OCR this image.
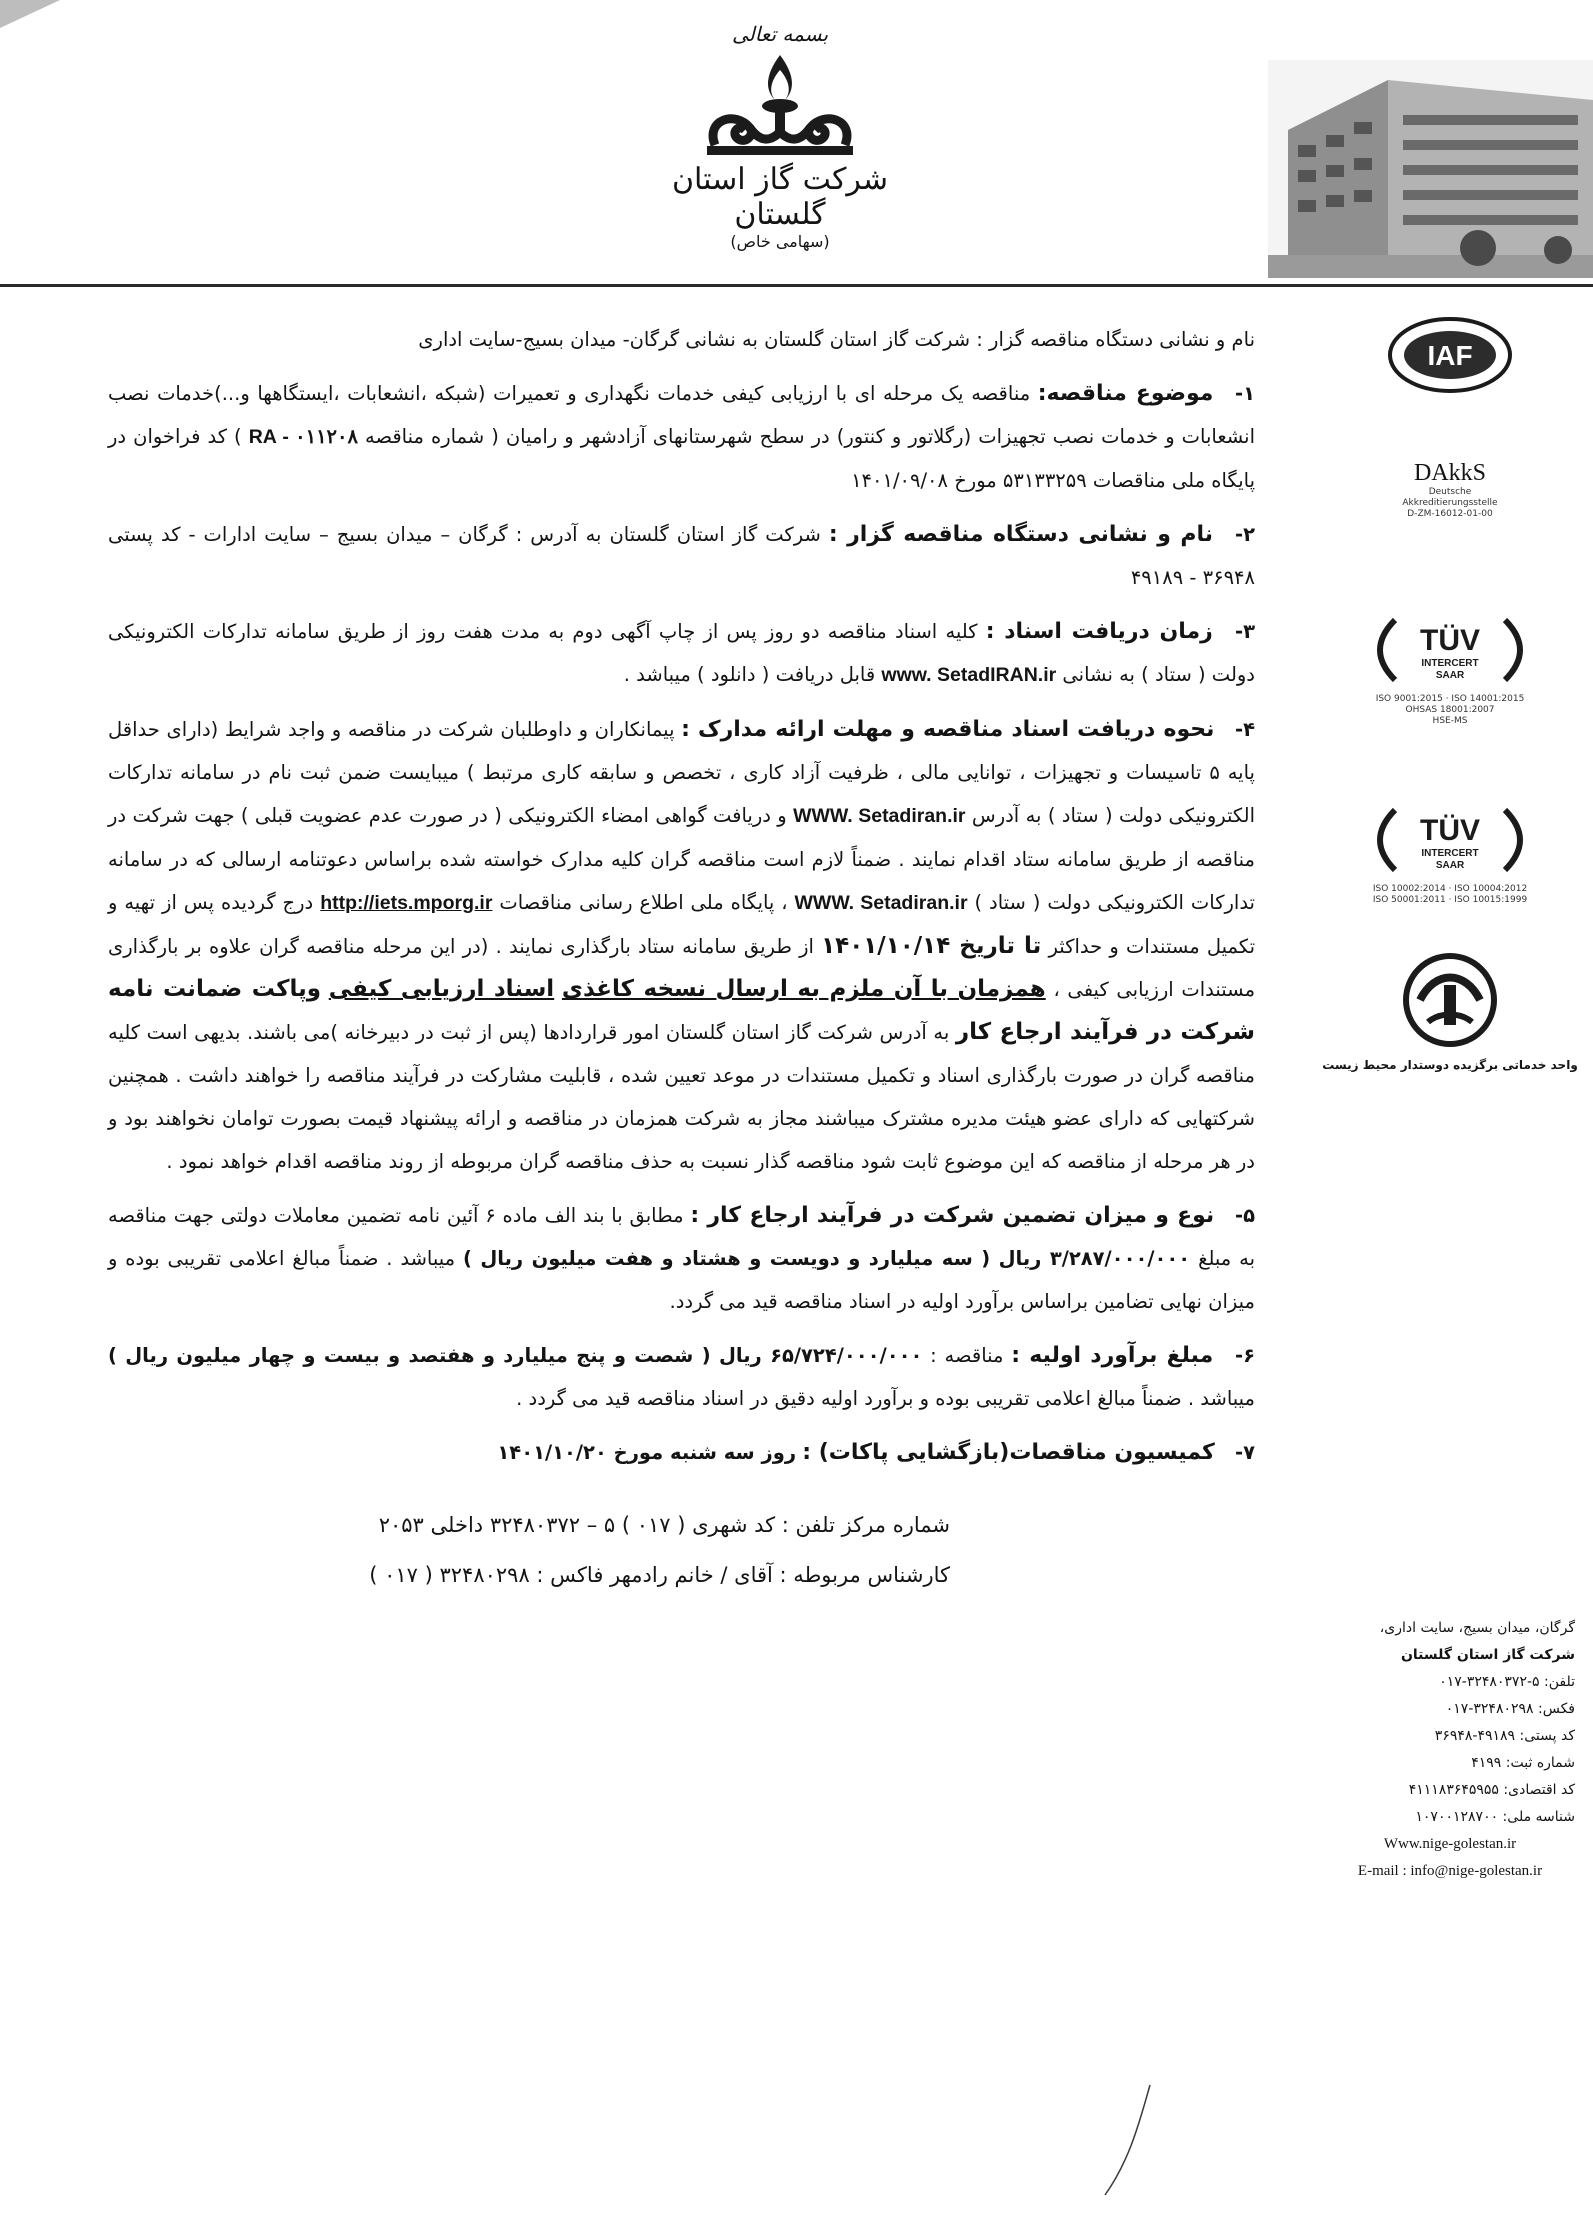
بسمه تعالی
شرکت گاز استان گلستان
(سهامی خاص)
IAF
DAkkS
Deutsche
Akkreditierungsstelle
D-ZM-16012-01-00
TÜV
INTERCERT
SAAR
ISO 9001:2015 · ISO 14001:2015
OHSAS 18001:2007
HSE-MS
TÜV
INTERCERT
SAAR
ISO 10002:2014 · ISO 10004:2012
ISO 50001:2011 · ISO 10015:1999
واحد خدماتی برگزیده دوستدار محیط زیست
گرگان، میدان بسیج، سایت اداری،
شرکت گاز استان گلستان
تلفن: ۵-۳۲۴۸۰۳۷۲-۰۱۷
فکس: ۳۲۴۸۰۲۹۸-۰۱۷
کد پستی: ۴۹۱۸۹-۳۶۹۴۸
شماره ثبت: ۴۱۹۹
کد اقتصادی: ۴۱۱۱۸۳۶۴۵۹۵۵
شناسه ملی: ۱۰۷۰۰۱۲۸۷۰۰
Www.nige-golestan.ir
E-mail : info@nige-golestan.ir

نام و نشانی دستگاه مناقصه گزار : شرکت گاز استان گلستان به نشانی گرگان- میدان بسیج-سایت اداری

۱- موضوع مناقصه: مناقصه یک مرحله ای با ارزیابی کیفی خدمات نگهداری و تعمیرات (شبکه ،انشعابات ،ایستگاهها و...)خدمات نصب انشعابات و خدمات نصب تجهیزات (رگلاتور و کنتور) در سطح شهرستانهای آزادشهر و رامیان ( شماره مناقصه RA - ۰۱۱۲۰۸ ) کد فراخوان در پایگاه ملی مناقصات ۵۳۱۳۳۲۵۹ مورخ ۱۴۰۱/۰۹/۰۸

۲- نام و نشانی دستگاه مناقصه گزار : شرکت گاز استان گلستان به آدرس : گرگان – میدان بسیج – سایت ادارات - کد پستی ۳۶۹۴۸ - ۴۹۱۸۹

۳- زمان دریافت اسناد : کلیه اسناد مناقصه دو روز پس از چاپ آگهی دوم به مدت هفت روز از طریق سامانه تدارکات الکترونیکی دولت ( ستاد ) به نشانی www. SetadIRAN.ir قابل دریافت ( دانلود ) میباشد .

۴- نحوه دریافت اسناد مناقصه و مهلت ارائه مدارک : پیمانکاران و داوطلبان شرکت در مناقصه و واجد شرایط (دارای حداقل پایه ۵ تاسیسات و تجهیزات ، توانایی مالی ، ظرفیت آزاد کاری ، تخصص و سابقه کاری مرتبط ) میبایست ضمن ثبت نام در سامانه تدارکات الکترونیکی دولت ( ستاد ) به آدرس WWW. Setadiran.ir و دریافت گواهی امضاء الکترونیکی ( در صورت عدم عضویت قبلی ) جهت شرکت در مناقصه از طریق سامانه ستاد اقدام نمایند . ضمناً لازم است مناقصه گران کلیه مدارک خواسته شده براساس دعوتنامه ارسالی که در سامانه تدارکات الکترونیکی دولت ( ستاد ) WWW. Setadiran.ir ، پایگاه ملی اطلاع رسانی مناقصات http://iets.mporg.ir درج گردیده پس از تهیه و تکمیل مستندات و حداکثر تا تاریخ ۱۴۰۱/۱۰/۱۴ از طریق سامانه ستاد بارگذاری نمایند . (در این مرحله مناقصه گران علاوه بر بارگذاری مستندات ارزیابی کیفی ، همزمان با آن ملزم به ارسال نسخه کاغذی اسناد ارزیابی کیفی وپاکت ضمانت نامه شرکت در فرآیند ارجاع کار به آدرس شرکت گاز استان گلستان امور قراردادها (پس از ثبت در دبیرخانه )می باشند. بدیهی است کلیه مناقصه گران در صورت بارگذاری اسناد و تکمیل مستندات در موعد تعیین شده ، قابلیت مشارکت در فرآیند مناقصه را خواهند داشت . همچنین شرکتهایی که دارای عضو هیئت مدیره مشترک میباشند مجاز به شرکت همزمان در مناقصه و ارائه پیشنهاد قیمت بصورت توامان نخواهند بود و در هر مرحله از مناقصه که این موضوع ثابت شود مناقصه گذار نسبت به حذف مناقصه گران مربوطه از روند مناقصه اقدام خواهد نمود .

۵- نوع و میزان تضمین شرکت در فرآیند ارجاع کار : مطابق با بند الف ماده ۶ آئین نامه تضمین معاملات دولتی جهت مناقصه به مبلغ ۳/۲۸۷/۰۰۰/۰۰۰ ریال ( سه میلیارد و دویست و هشتاد و هفت میلیون ریال ) میباشد . ضمناً مبالغ اعلامی تقریبی بوده و میزان نهایی تضامین براساس برآورد اولیه در اسناد مناقصه قید می گردد.

۶- مبلغ برآورد اولیه : مناقصه : ۶۵/۷۲۴/۰۰۰/۰۰۰ ریال ( شصت و پنج میلیارد و هفتصد و بیست و چهار میلیون ریال ) میباشد . ضمناً مبالغ اعلامی تقریبی بوده و برآورد اولیه دقیق در اسناد مناقصه قید می گردد .

۷- کمیسیون مناقصات(بازگشایی پاکات) : روز سه شنبه مورخ ۱۴۰۱/۱۰/۲۰

شماره مرکز تلفن : کد شهری ( ۰۱۷ ) ۵ – ۳۲۴۸۰۳۷۲ داخلی ۲۰۵۳
کارشناس مربوطه : آقای / خانم رادمهر فاکس : ۳۲۴۸۰۲۹۸ ( ۰۱۷ )
